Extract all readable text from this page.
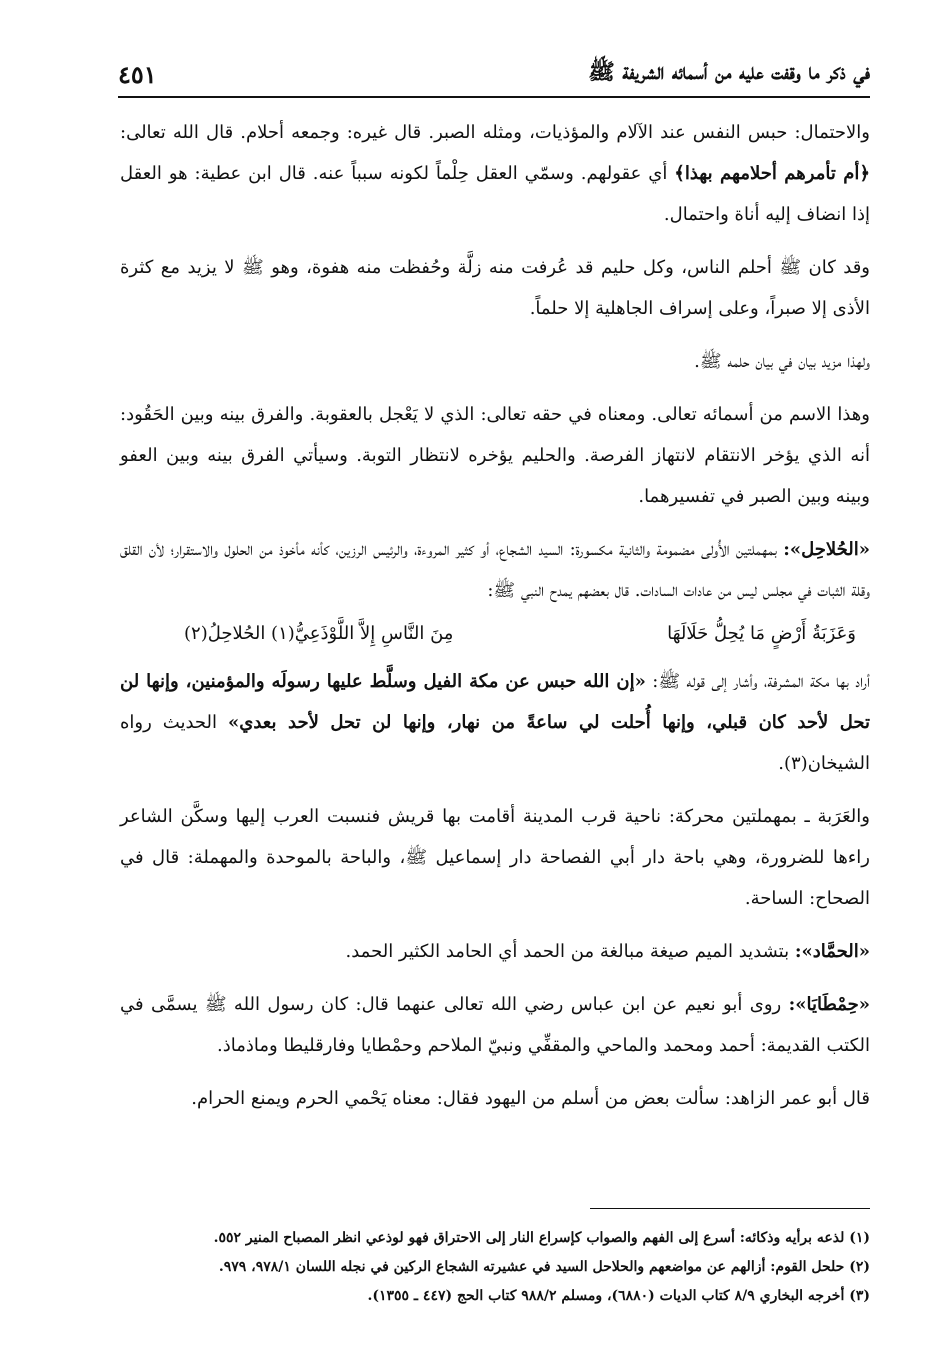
في ذكر ما وقفت عليه من أسمائه الشريفة ﷺ
٤٥١

والاحتمال: حبس النفس عند الآلام والمؤذيات، ومثله الصبر. قال غيره: وجمعه أحلام. قال الله تعالى: ﴿أم تأمرهم أحلامهم بهذا﴾ أي عقولهم. وسمّي العقل حِلْماً لكونه سبباً عنه. قال ابن عطية: هو العقل إذا انضاف إليه أناة واحتمال.

وقد كان ﷺ أحلم الناس، وكل حليم قد عُرفت منه زلَّة وحُفظت منه هفوة، وهو ﷺ لا يزيد مع كثرة الأذى إلا صبراً، وعلى إسراف الجاهلية إلا حلماً.

ولهذا مزيد بيان في بيان حلمه ﷺ.

وهذا الاسم من أسمائه تعالى. ومعناه في حقه تعالى: الذي لا يَعْجل بالعقوبة. والفرق بينه وبين الحَقُود: أنه الذي يؤخر الانتقام لانتهاز الفرصة. والحليم يؤخره لانتظار التوبة. وسيأتي الفرق بينه وبين العفو وبينه وبين الصبر في تفسيرهما.

«الحُلاحِل»: بمهملتين الأُولى مضمومة والثانية مكسورة: السيد الشجاع، أو كثير المروءة، والرئيس الرزين، كأنه مأخوذ من الحلول والاستقرار؛ لأن القلق وقلة الثبات في مجلس ليس من عادات السادات. قال بعضهم يمدح النبي ﷺ:

وَعَزَبَةُ أَرْضٍ مَا يُحِلُّ حَلَالَهَا
مِنَ النَّاسِ إِلاَّ اللَّوْذَعِيُّ(١) الحُلاحِلُ(٢)

أراد بها مكة المشرفة، وأشار إلى قوله ﷺ: «إن الله حبس عن مكة الفيل وسلَّط عليها رسولَه والمؤمنين، وإنها لن تحل لأحد كان قبلي، وإنها أُحلت لي ساعةً من نهار، وإنها لن تحل لأحد بعدي» الحديث رواه الشيخان(٣).

والعَرَبة ـ بمهملتين محركة: ناحية قرب المدينة أقامت بها قريش فنسبت العرب إليها وسكَّن الشاعر راءها للضرورة، وهي باحة دار أبي الفصاحة دار إسماعيل ﷺ، والباحة بالموحدة والمهملة: قال في الصحاح: الساحة.

«الحمَّاد»: بتشديد الميم صيغة مبالغة من الحمد أي الحامد الكثير الحمد.

«حِمْطَايَا»: روى أبو نعيم عن ابن عباس رضي الله تعالى عنهما قال: كان رسول الله ﷺ يسمَّى في الكتب القديمة: أحمد ومحمد والماحي والمقفِّي ونبيّ الملاحم وحمْطايا وفارقليطا وماذماذ.

قال أبو عمر الزاهد: سألت بعض من أسلم من اليهود فقال: معناه يَحْمي الحرم ويمنع الحرام.

(١) لذعه برأيه وذكائه: أسرع إلى الفهم والصواب كإسراع النار إلى الاحتراق فهو لوذعي انظر المصباح المنير ٥٥٢.
(٢) حلحل القوم: أزالهم عن مواضعهم والحلاحل السيد في عشيرته الشجاع الركين في نجله اللسان ٩٧٨/١، ٩٧٩.
(٣) أخرجه البخاري ٨/٩ كتاب الديات (٦٨٨٠)، ومسلم ٩٨٨/٢ كتاب الحج (٤٤٧ ـ ١٣٥٥).
